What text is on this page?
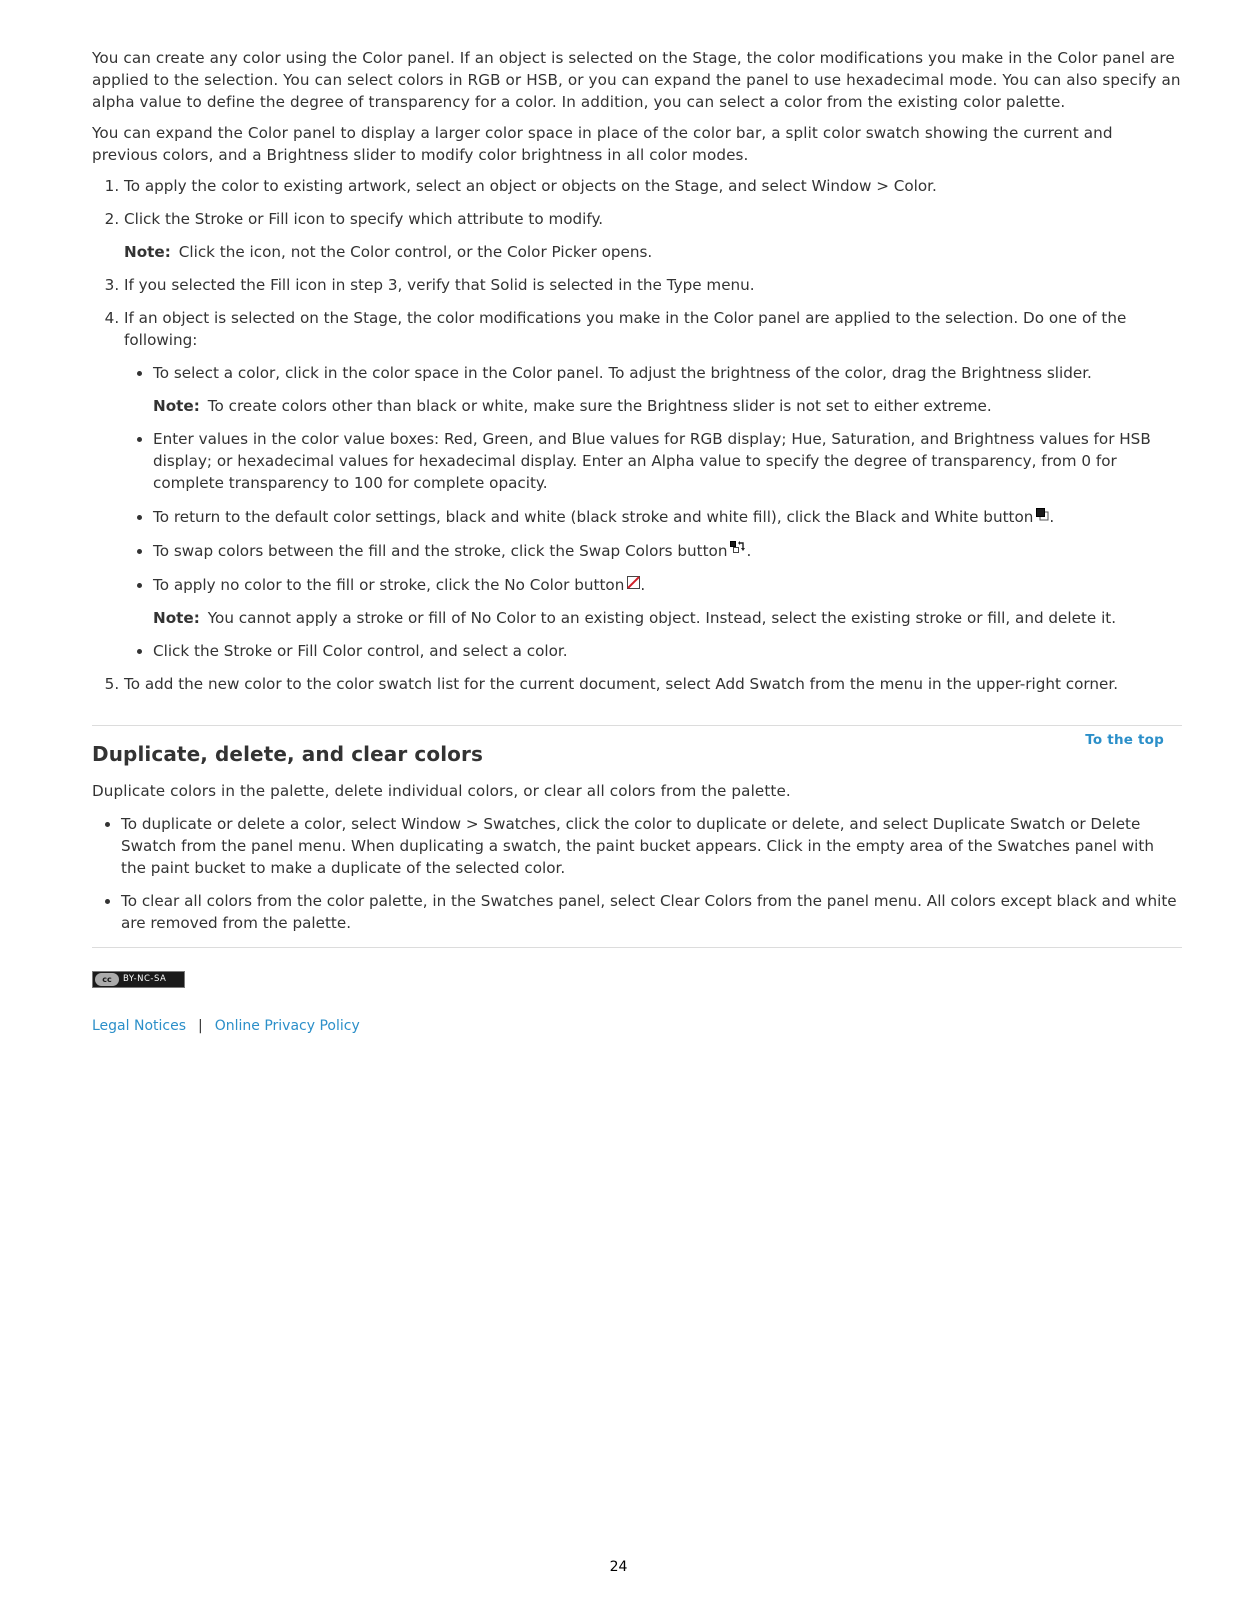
You can create any color using the Color panel. If an object is selected on the Stage, the color modifications you make in the Color panel are applied to the selection. You can select colors in RGB or HSB, or you can expand the panel to use hexadecimal mode. You can also specify an alpha value to define the degree of transparency for a color. In addition, you can select a color from the existing color palette.

You can expand the Color panel to display a larger color space in place of the color bar, a split color swatch showing the current and previous colors, and a Brightness slider to modify color brightness in all color modes.

1. To apply the color to existing artwork, select an object or objects on the Stage, and select Window > Color.
2. Click the Stroke or Fill icon to specify which attribute to modify.
Note: Click the icon, not the Color control, or the Color Picker opens.
3. If you selected the Fill icon in step 3, verify that Solid is selected in the Type menu.
4. If an object is selected on the Stage, the color modifications you make in the Color panel are applied to the selection. Do one of the following:
• To select a color, click in the color space in the Color panel. To adjust the brightness of the color, drag the Brightness slider.
Note: To create colors other than black or white, make sure the Brightness slider is not set to either extreme.
• Enter values in the color value boxes: Red, Green, and Blue values for RGB display; Hue, Saturation, and Brightness values for HSB display; or hexadecimal values for hexadecimal display. Enter an Alpha value to specify the degree of transparency, from 0 for complete transparency to 100 for complete opacity.
• To return to the default color settings, black and white (black stroke and white fill), click the Black and White button .
• To swap colors between the fill and the stroke, click the Swap Colors button .
• To apply no color to the fill or stroke, click the No Color button .
Note: You cannot apply a stroke or fill of No Color to an existing object. Instead, select the existing stroke or fill, and delete it.
• Click the Stroke or Fill Color control, and select a color.
5. To add the new color to the color swatch list for the current document, select Add Swatch from the menu in the upper-right corner.
To the top
Duplicate, delete, and clear colors

Duplicate colors in the palette, delete individual colors, or clear all colors from the palette.

• To duplicate or delete a color, select Window > Swatches, click the color to duplicate or delete, and select Duplicate Swatch or Delete Swatch from the panel menu. When duplicating a swatch, the paint bucket appears. Click in the empty area of the Swatches panel with the paint bucket to make a duplicate of the selected color.
• To clear all colors from the color palette, in the Swatches panel, select Clear Colors from the panel menu. All colors except black and white are removed from the palette.
cc	BY-NC-SA
Legal Notices | Online Privacy Policy
24
